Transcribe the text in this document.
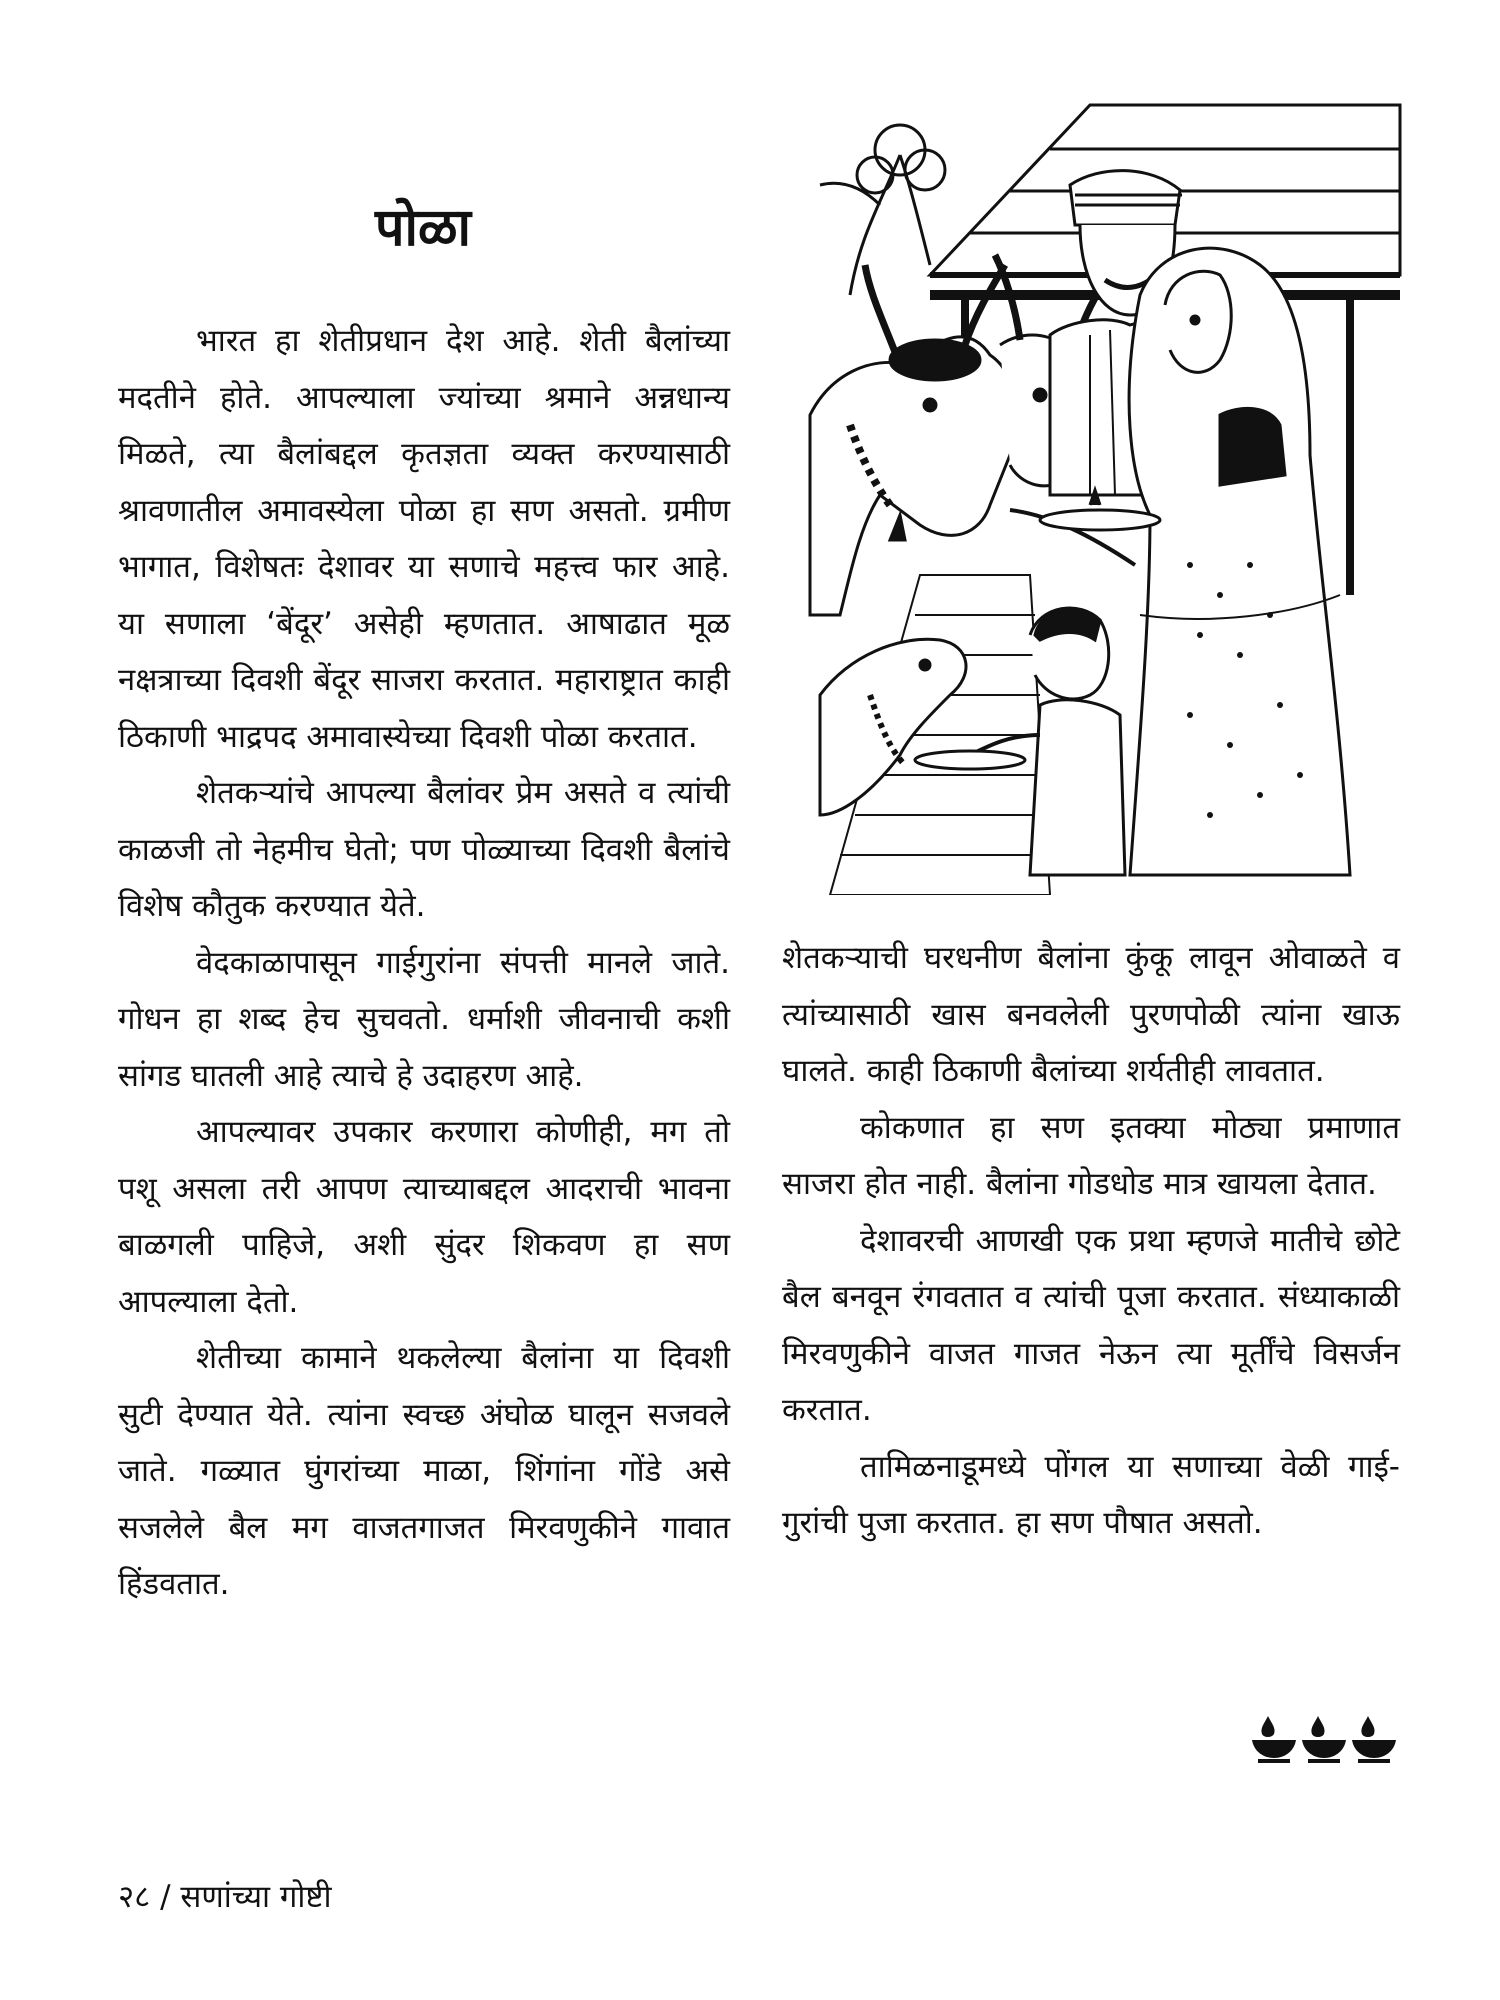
पोळा

भारत हा शेतीप्रधान देश आहे. शेती बैलांच्या मदतीने होते. आपल्याला ज्यांच्या श्रमाने अन्नधान्य मिळते, त्या बैलांबद्दल कृतज्ञता व्यक्त करण्यासाठी श्रावणातील अमावस्येला पोळा हा सण असतो. ग्रमीण भागात, विशेषतः देशावर या सणाचे महत्त्व फार आहे. या सणाला ‘बेंदूर’ असेही म्हणतात. आषाढात मूळ नक्षत्राच्या दिवशी बेंदूर साजरा करतात. महाराष्ट्रात काही ठिकाणी भाद्रपद अमावास्येच्या दिवशी पोळा करतात.

शेतकऱ्यांचे आपल्या बैलांवर प्रेम असते व त्यांची काळजी तो नेहमीच घेतो; पण पोळ्याच्या दिवशी बैलांचे विशेष कौतुक करण्यात येते.

वेदकाळापासून गाईगुरांना संपत्ती मानले जाते. गोधन हा शब्द हेच सुचवतो. धर्माशी जीवनाची कशी सांगड घातली आहे त्याचे हे उदाहरण आहे.

आपल्यावर उपकार करणारा कोणीही, मग तो पशू असला तरी आपण त्याच्याबद्दल आदराची भावना बाळगली पाहिजे, अशी सुंदर शिकवण हा सण आपल्याला देतो.

शेतीच्या कामाने थकलेल्या बैलांना या दिवशी सुटी देण्यात येते. त्यांना स्वच्छ अंघोळ घालून सजवले जाते. गळ्यात घुंगरांच्या माळा, शिंगांना गोंडे असे सजलेले बैल मग वाजतगाजत मिरवणुकीने गावात हिंडवतात.

शेतकऱ्याची घरधनीण बैलांना कुंकू लावून ओवाळते व त्यांच्यासाठी खास बनवलेली पुरणपोळी त्यांना खाऊ घालते. काही ठिकाणी बैलांच्या शर्यतीही लावतात.

कोकणात हा सण इतक्या मोठ्या प्रमाणात साजरा होत नाही. बैलांना गोडधोड मात्र खायला देतात.

देशावरची आणखी एक प्रथा म्हणजे मातीचे छोटे बैल बनवून रंगवतात व त्यांची पूजा करतात. संध्याकाळी मिरवणुकीने वाजत गाजत नेऊन त्या मूर्तींचे विसर्जन करतात.

तामिळनाडूमध्ये पोंगल या सणाच्या वेळी गाई-गुरांची पुजा करतात. हा सण पौषात असतो.

२८ / सणांच्या गोष्टी
